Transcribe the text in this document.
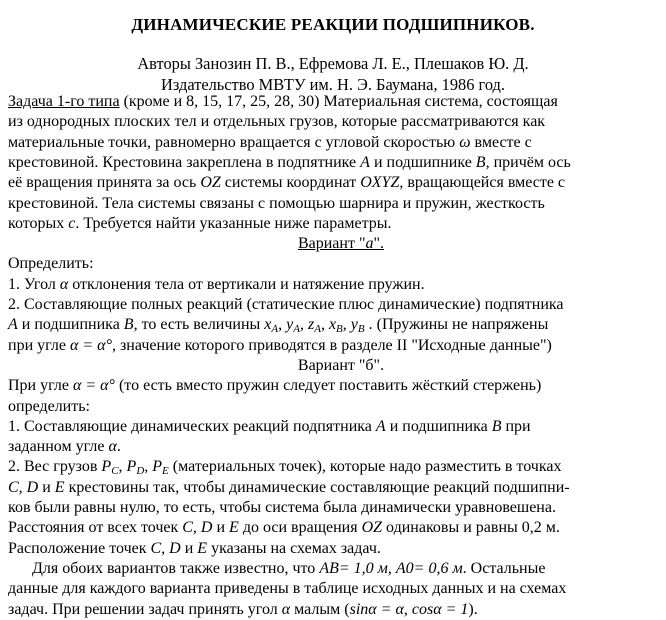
ДИНАМИЧЕСКИЕ РЕАКЦИИ ПОДШИПНИКОВ.
Авторы Занозин П. В., Ефремова Л. Е., Плешаков Ю. Д.
Издательство МВТУ им. Н. Э. Баумана, 1986 год.
Задача 1-го типа (кроме и 8, 15, 17, 25, 28, 30) Материальная система, состоящая
из однородных плоских тел и отдельных грузов, которые рассматриваются как
материальные точки, равномерно вращается с угловой скоростью ω вместе с
крестовиной. Крестовина закреплена в подпятнике A и подшипнике B, причём ось
её вращения принята за ось OZ системы координат OXYZ, вращающейся вместе с
крестовиной. Тела системы связаны с помощью шарнира и пружин, жесткость
которых c. Требуется найти указанные ниже параметры.
Вариант "а".
Определить:
1. Угол α отклонения тела от вертикали и натяжение пружин.
2. Составляющие полных реакций (статические плюс динамические) подпятника
A и подшипника B, то есть величины $x_A$, $y_A$, $z_A$, $x_B$, $y_B$ . (Пружины не напряжены
при угле α = α°, значение которого приводятся в разделе II "Исходные данные")
Вариант "б".
При угле α = α° (то есть вместо пружин следует поставить жёсткий стержень)
определить:
1. Составляющие динамических реакций подпятника A и подшипника B при
заданном угле α.
2. Вес грузов $P_C$, $P_D$, $P_E$ (материальных точек), которые надо разместить в точках
C, D и E крестовины так, чтобы динамические составляющие реакций подшипни-
ков были равны нулю, то есть, чтобы система была динамически уравновешена.
Расстояния от всех точек C, D и E до оси вращения OZ одинаковы и равны 0,2 м.
Расположение точек C, D и E указаны на схемах задач.
Для обоих вариантов также известно, что AB= 1,0 м, A0= 0,6 м. Остальные
данные для каждого варианта приведены в таблице исходных данных и на схемах
задач. При решении задач принять угол α малым (sinα = α, cosα = 1).
